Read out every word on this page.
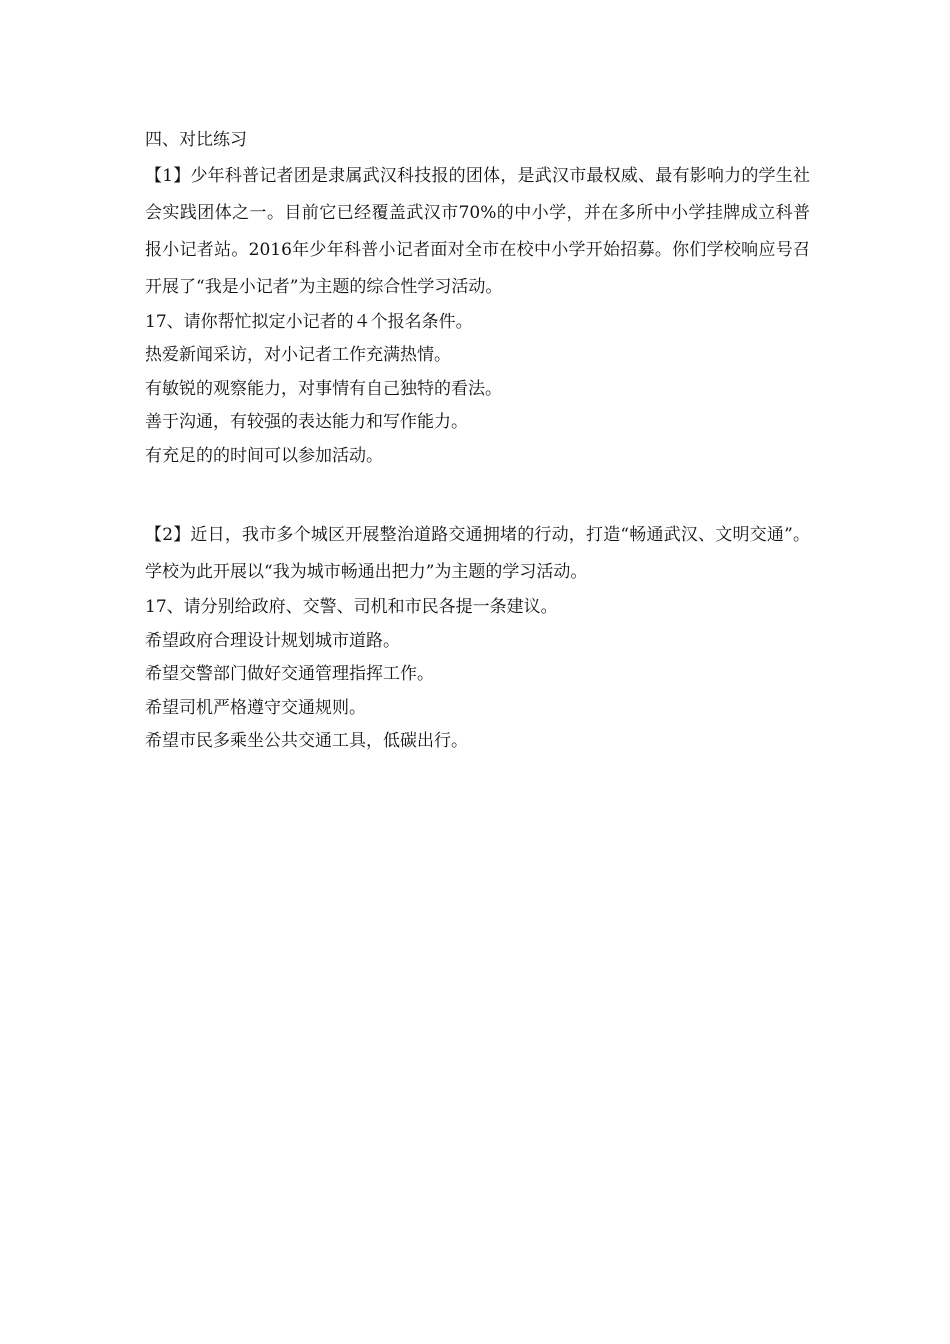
四、对比练习
【1】少年科普记者团是隶属武汉科技报的团体，是武汉市最权威、最有影响力的学生社会实践团体之一。目前它已经覆盖武汉市70%的中小学，并在多所中小学挂牌成立科普报小记者站。2016年少年科普小记者面对全市在校中小学开始招募。你们学校响应号召开展了“我是小记者”为主题的综合性学习活动。
17、请你帮忙拟定小记者的４个报名条件。
热爱新闻采访，对小记者工作充满热情。
有敏锐的观察能力，对事情有自己独特的看法。
善于沟通，有较强的表达能力和写作能力。
有充足的的时间可以参加活动。
【2】近日，我市多个城区开展整治道路交通拥堵的行动，打造“畅通武汉、文明交通”。学校为此开展以“我为城市畅通出把力”为主题的学习活动。
17、请分别给政府、交警、司机和市民各提一条建议。
希望政府合理设计规划城市道路。
希望交警部门做好交通管理指挥工作。
希望司机严格遵守交通规则。
希望市民多乘坐公共交通工具，低碳出行。
